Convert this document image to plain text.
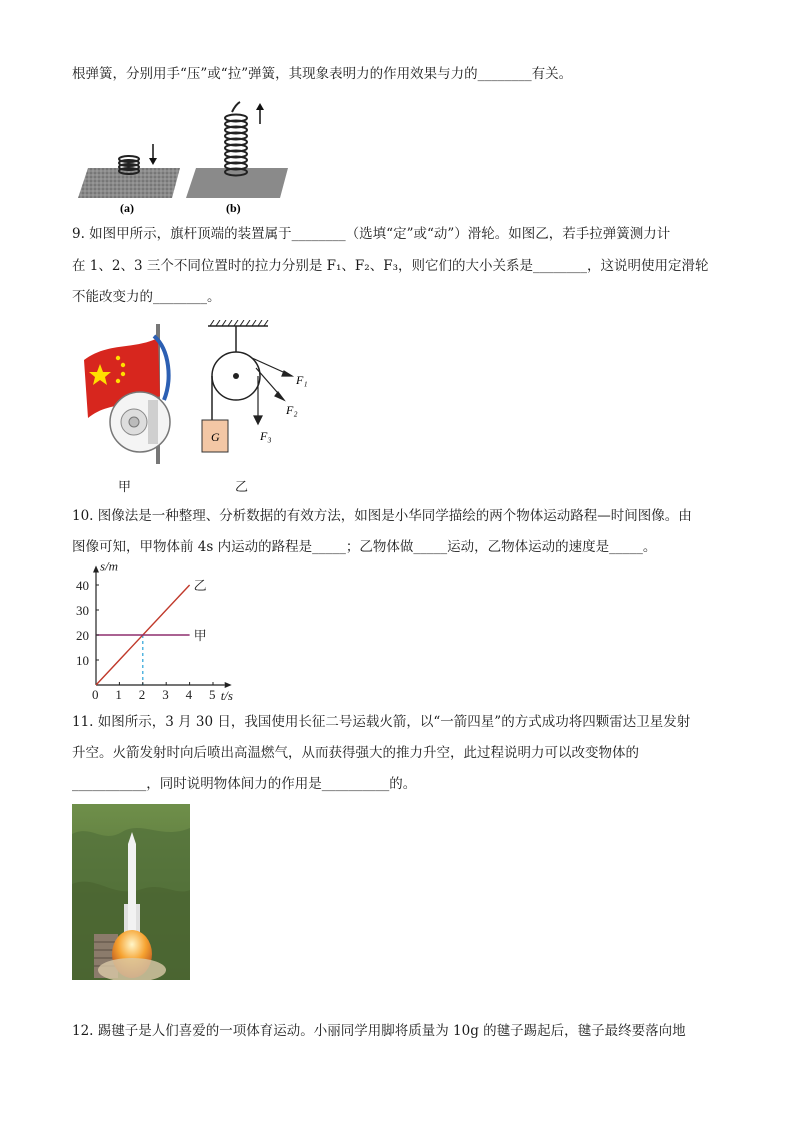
根弹簧，分别用手“压”或“拉”弹簧，其现象表明力的作用效果与力的________有关。
(a)	(b)
9. 如图甲所示，旗杆顶端的装置属于________（选填“定”或“动”）滑轮。如图乙，若手拉弹簧测力计
在 1、2、3 三个不同位置时的拉力分别是 F₁、F₂、F₃，则它们的大小关系是________，这说明使用定滑轮
不能改变力的________。
G
F₁
F₂
F₃
甲	乙
10. 图像法是一种整理、分析数据的有效方法，如图是小华同学描绘的两个物体运动路程—时间图像。由
图像可知，甲物体前 4s 内运动的路程是_____；乙物体做_____运动，乙物体运动的速度是_____。
乙
甲
s/m
t/s
0 1 2 3 4 5
10
20
30
40
11. 如图所示，3 月 30 日，我国使用长征二号运载火箭，以“一箭四星”的方式成功将四颗雷达卫星发射
升空。火箭发射时向后喷出高温燃气，从而获得强大的推力升空，此过程说明力可以改变物体的
___________，同时说明物体间力的作用是__________的。
12. 踢毽子是人们喜爱的一项体育运动。小丽同学用脚将质量为 10g 的毽子踢起后，毽子最终要落向地
